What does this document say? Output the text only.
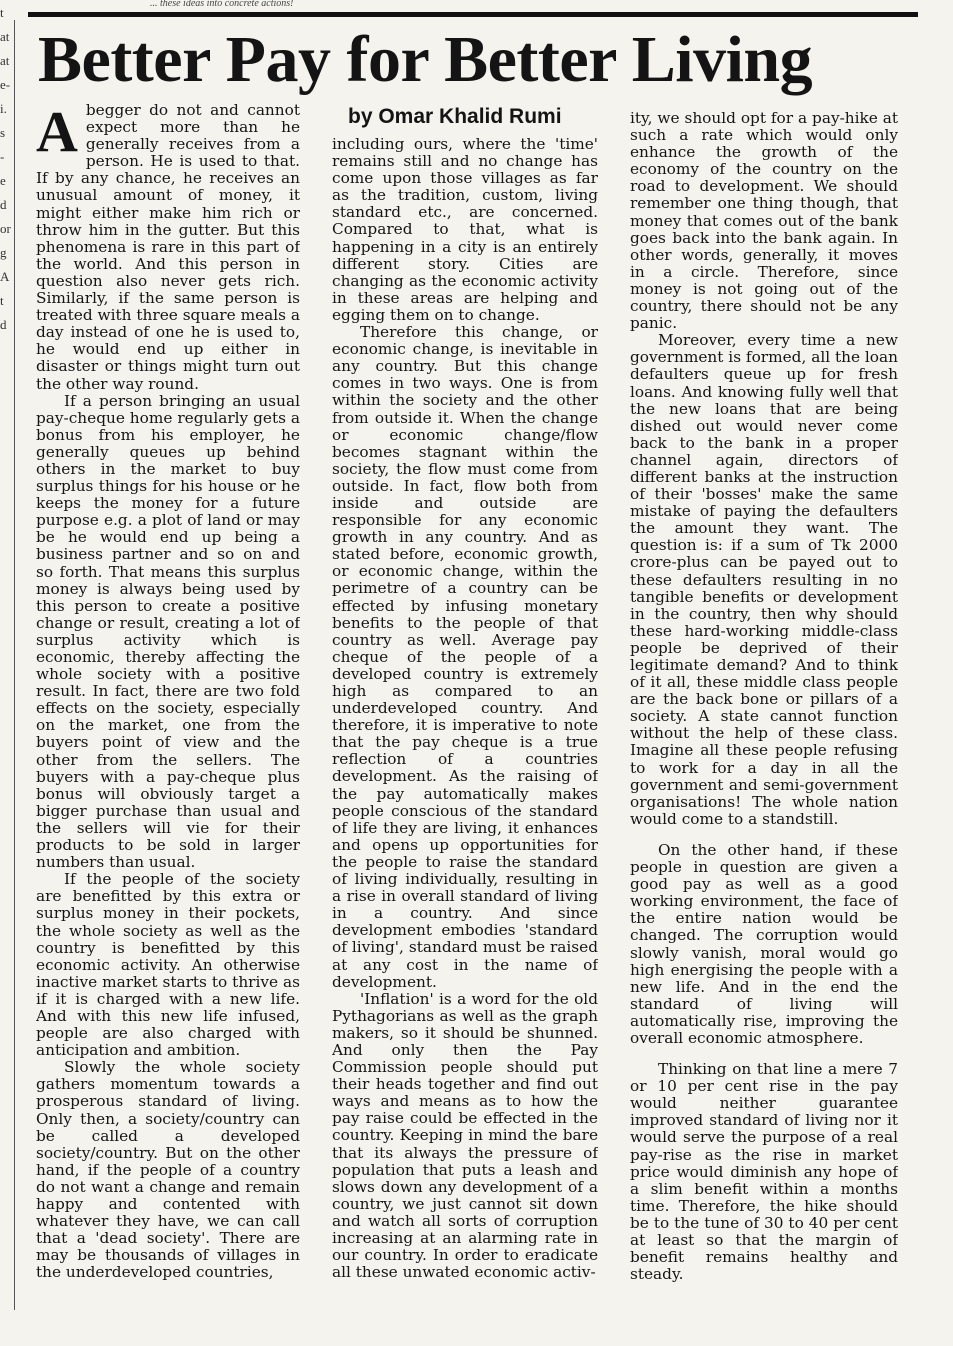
... these ideas into concrete actions!
t
at
at
e-
i.
s
-
e
d
or
g
A
t
d
Better Pay for Better Living
by Omar Khalid Rumi

Abegger do not and cannot expect more than he generally receives from a person. He is used to that. If by any chance, he receives an unusual amount of money, it might either make him rich or throw him in the gutter. But this phenomena is rare in this part of the world. And this person in question also never gets rich. Similarly, if the same person is treated with three square meals a day instead of one he is used to, he would end up either in disaster or things might turn out the other way round.

If a person bringing an usual pay-cheque home regularly gets a bonus from his employer, he generally queues up behind others in the market to buy surplus things for his house or he keeps the money for a future purpose e.g. a plot of land or may be he would end up being a business partner and so on and so forth. That means this surplus money is always being used by this person to create a positive change or result, creating a lot of surplus activity which is economic, thereby affecting the whole society with a positive result. In fact, there are two fold effects on the society, especially on the market, one from the buyers point of view and the other from the sellers. The buyers with a pay-cheque plus bonus will obviously target a bigger purchase than usual and the sellers will vie for their products to be sold in larger numbers than usual.

If the people of the society are benefitted by this extra or surplus money in their pockets, the whole society as well as the country is benefitted by this economic activity. An otherwise inactive market starts to thrive as if it is charged with a new life. And with this new life infused, people are also charged with anticipation and ambition.

Slowly the whole society gathers momentum towards a prosperous standard of living. Only then, a society/country can be called a developed society/country. But on the other hand, if the people of a country do not want a change and remain happy and contented with whatever they have, we can call that a 'dead society'. There are may be thousands of villages in the underdeveloped countries,

including ours, where the 'time' remains still and no change has come upon those villages as far as the tradition, custom, living standard etc., are concerned. Compared to that, what is happening in a city is an entirely different story. Cities are changing as the economic activity in these areas are helping and egging them on to change.

Therefore this change, or economic change, is inevitable in any country. But this change comes in two ways. One is from within the society and the other from outside it. When the change or economic change/flow becomes stagnant within the society, the flow must come from outside. In fact, flow both from inside and outside are responsible for any economic growth in any country. And as stated before, economic growth, or economic change, within the perimetre of a country can be effected by infusing monetary benefits to the people of that country as well. Average pay cheque of the people of a developed country is extremely high as compared to an underdeveloped country. And therefore, it is imperative to note that the pay cheque is a true reflection of a countries development. As the raising of the pay automatically makes people conscious of the standard of life they are living, it enhances and opens up opportunities for the people to raise the standard of living individually, resulting in a rise in overall standard of living in a country. And since development embodies 'standard of living', standard must be raised at any cost in the name of development.

'Inflation' is a word for the old Pythagorians as well as the graph makers, so it should be shunned. And only then the Pay Commission people should put their heads together and find out ways and means as to how the pay raise could be effected in the country. Keeping in mind the bare that its always the pressure of population that puts a leash and slows down any development of a country, we just cannot sit down and watch all sorts of corruption increasing at an alarming rate in our country. In order to eradicate all these unwated economic activ-

ity, we should opt for a pay-hike at such a rate which would only enhance the growth of the economy of the country on the road to development. We should remember one thing though, that money that comes out of the bank goes back into the bank again. In other words, generally, it moves in a circle. Therefore, since money is not going out of the country, there should not be any panic.

Moreover, every time a new government is formed, all the loan defaulters queue up for fresh loans. And knowing fully well that the new loans that are being dished out would never come back to the bank in a proper channel again, directors of different banks at the instruction of their 'bosses' make the same mistake of paying the defaulters the amount they want. The question is: if a sum of Tk 2000 crore-plus can be payed out to these defaulters resulting in no tangible benefits or development in the country, then why should these hard-working middle-class people be deprived of their legitimate demand? And to think of it all, these middle class people are the back bone or pillars of a society. A state cannot function without the help of these class. Imagine all these people refusing to work for a day in all the government and semi-government organisations! The whole nation would come to a standstill.

On the other hand, if these people in question are given a good pay as well as a good working environment, the face of the entire nation would be changed. The corruption would slowly vanish, moral would go high energising the people with a new life. And in the end the standard of living will automatically rise, improving the overall economic atmosphere.

Thinking on that line a mere 7 or 10 per cent rise in the pay would neither guarantee improved standard of living nor it would serve the purpose of a real pay-rise as the rise in market price would diminish any hope of a slim benefit within a months time. Therefore, the hike should be to the tune of 30 to 40 per cent at least so that the margin of benefit remains healthy and steady.
